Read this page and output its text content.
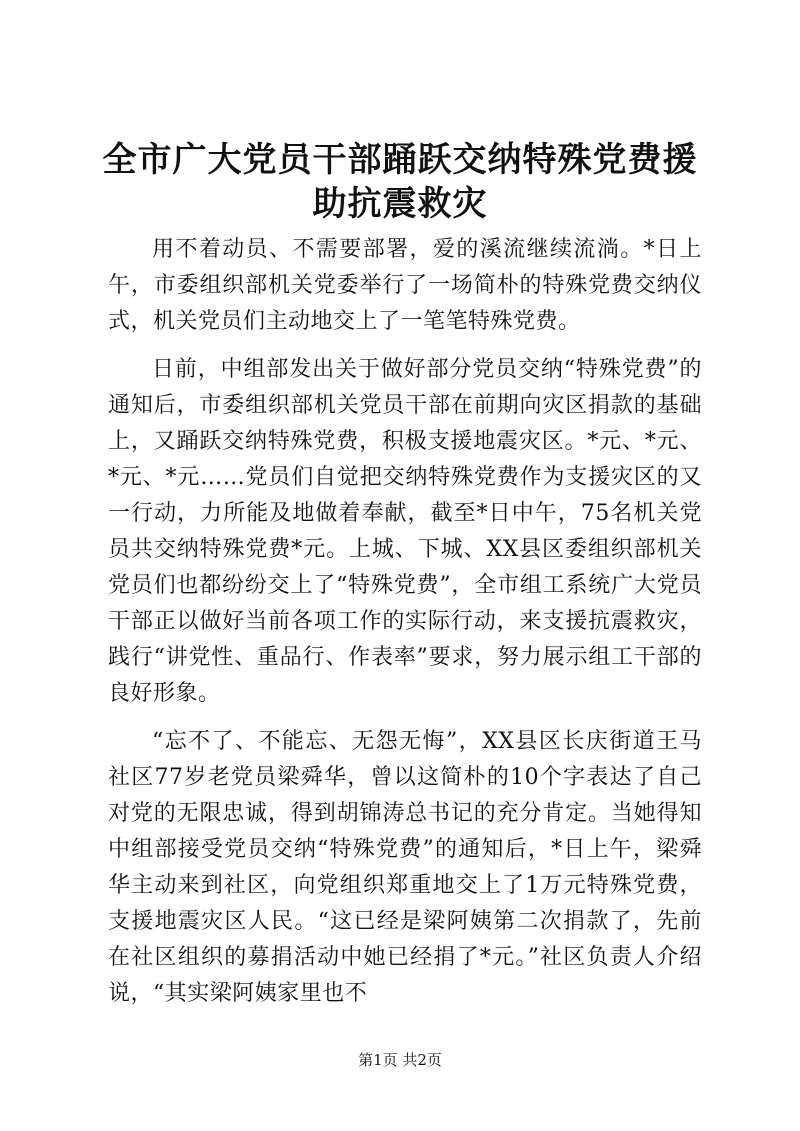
全市广大党员干部踊跃交纳特殊党费援助抗震救灾

用不着动员、不需要部署，爱的溪流继续流淌。*日上午，市委组织部机关党委举行了一场简朴的特殊党费交纳仪式，机关党员们主动地交上了一笔笔特殊党费。

日前，中组部发出关于做好部分党员交纳“特殊党费”的通知后，市委组织部机关党员干部在前期向灾区捐款的基础上，又踊跃交纳特殊党费，积极支援地震灾区。*元、*元、*元、*元……党员们自觉把交纳特殊党费作为支援灾区的又一行动，力所能及地做着奉献，截至*日中午，75名机关党员共交纳特殊党费*元。上城、下城、XX县区委组织部机关党员们也都纷纷交上了“特殊党费”，全市组工系统广大党员干部正以做好当前各项工作的实际行动，来支援抗震救灾，践行“讲党性、重品行、作表率”要求，努力展示组工干部的良好形象。

“忘不了、不能忘、无怨无悔”，XX县区长庆街道王马社区77岁老党员梁舜华，曾以这简朴的10个字表达了自己对党的无限忠诚，得到胡锦涛总书记的充分肯定。当她得知中组部接受党员交纳“特殊党费”的通知后，*日上午，梁舜华主动来到社区，向党组织郑重地交上了1万元特殊党费，支援地震灾区人民。“这已经是梁阿姨第二次捐款了，先前在社区组织的募捐活动中她已经捐了*元。”社区负责人介绍说，“其实梁阿姨家里也不

第1页 共2页
